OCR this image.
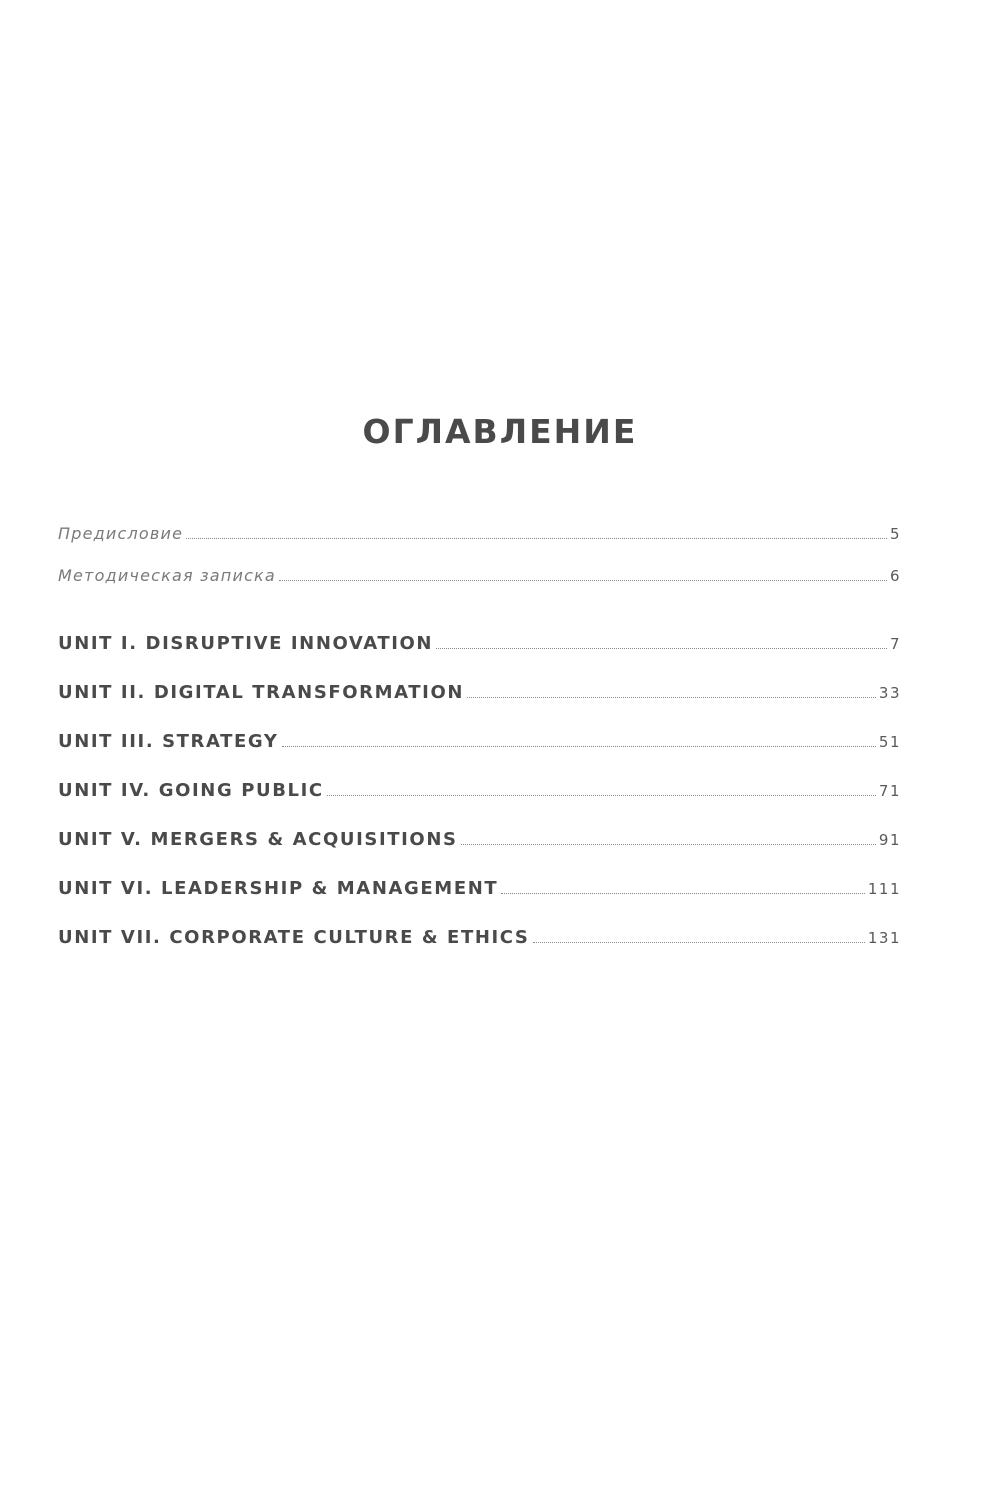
ОГЛАВЛЕНИЕ
Предисловие	5
Методическая записка	6
UNIT I. DISRUPTIVE INNOVATION	7
UNIT II. DIGITAL TRANSFORMATION	33
UNIT III. STRATEGY	51
UNIT IV. GOING PUBLIC	71
UNIT V. MERGERS & ACQUISITIONS	91
UNIT VI. LEADERSHIP & MANAGEMENT	111
UNIT VII. CORPORATE CULTURE & ETHICS	131
